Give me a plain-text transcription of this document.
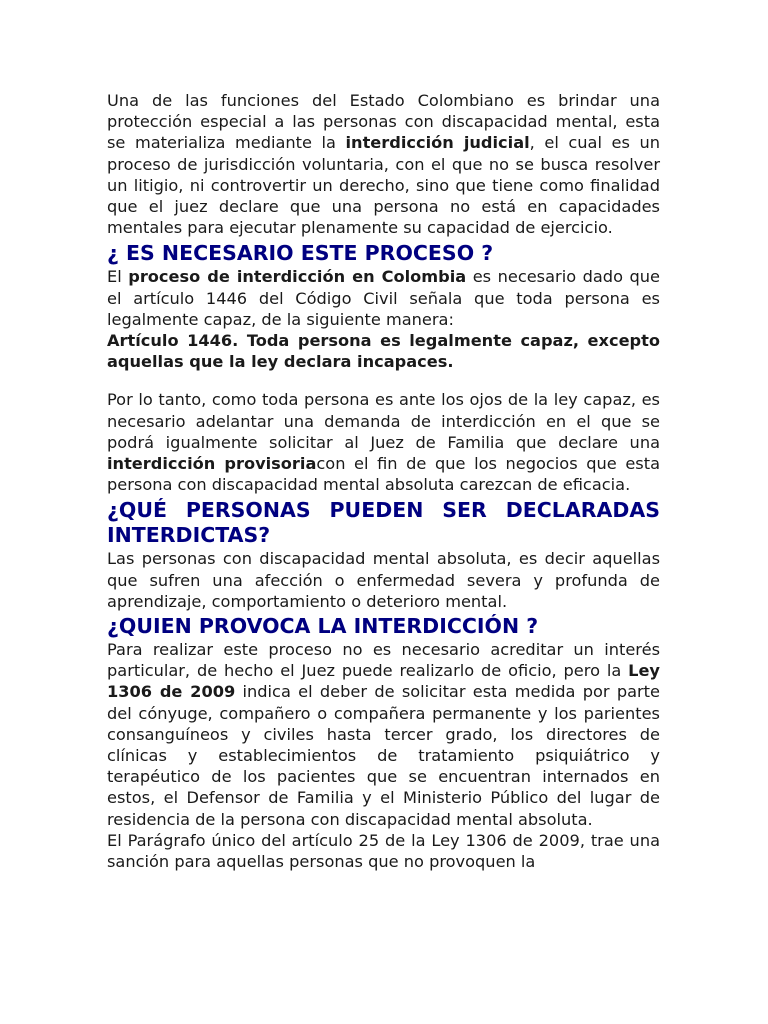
Una de las funciones del Estado Colombiano es brindar una protección especial a las personas con discapacidad mental, esta se materializa mediante la interdicción judicial, el cual es un proceso de jurisdicción voluntaria, con el que no se busca resolver un litigio, ni controvertir un derecho, sino que tiene como finalidad que el juez declare que una persona no está en capacidades mentales para ejecutar plenamente su capacidad de ejercicio.

¿ ES NECESARIO ESTE PROCESO ?

El proceso de interdicción en Colombia es necesario dado que el artículo 1446 del Código Civil señala que toda persona es legalmente capaz, de la siguiente manera:

Artículo 1446. Toda persona es legalmente capaz, excepto aquellas que la ley declara incapaces.

Por lo tanto, como toda persona es ante los ojos de la ley capaz, es necesario adelantar una demanda de interdicción en el que se podrá igualmente solicitar al Juez de Familia que declare una interdicción provisoriacon el fin de que los negocios que esta persona con discapacidad mental absoluta carezcan de eficacia.

¿QUÉ PERSONAS PUEDEN SER DECLARADAS INTERDICTAS?

Las personas con discapacidad mental absoluta, es decir aquellas que sufren una afección o enfermedad severa y profunda de aprendizaje, comportamiento o deterioro mental.

¿QUIEN PROVOCA LA INTERDICCIÓN ?

Para realizar este proceso no es necesario acreditar un interés particular, de hecho el Juez puede realizarlo de oficio, pero la Ley 1306 de 2009 indica el deber de solicitar esta medida por parte del cónyuge, compañero o compañera permanente y los parientes consanguíneos y civiles hasta tercer grado, los directores de clínicas y establecimientos de tratamiento psiquiátrico y terapéutico de los pacientes que se encuentran internados en estos, el Defensor de Familia y el Ministerio Público del lugar de residencia de la persona con discapacidad mental absoluta.

El Parágrafo único del artículo 25 de la Ley 1306 de 2009, trae una sanción para aquellas personas que no provoquen la
